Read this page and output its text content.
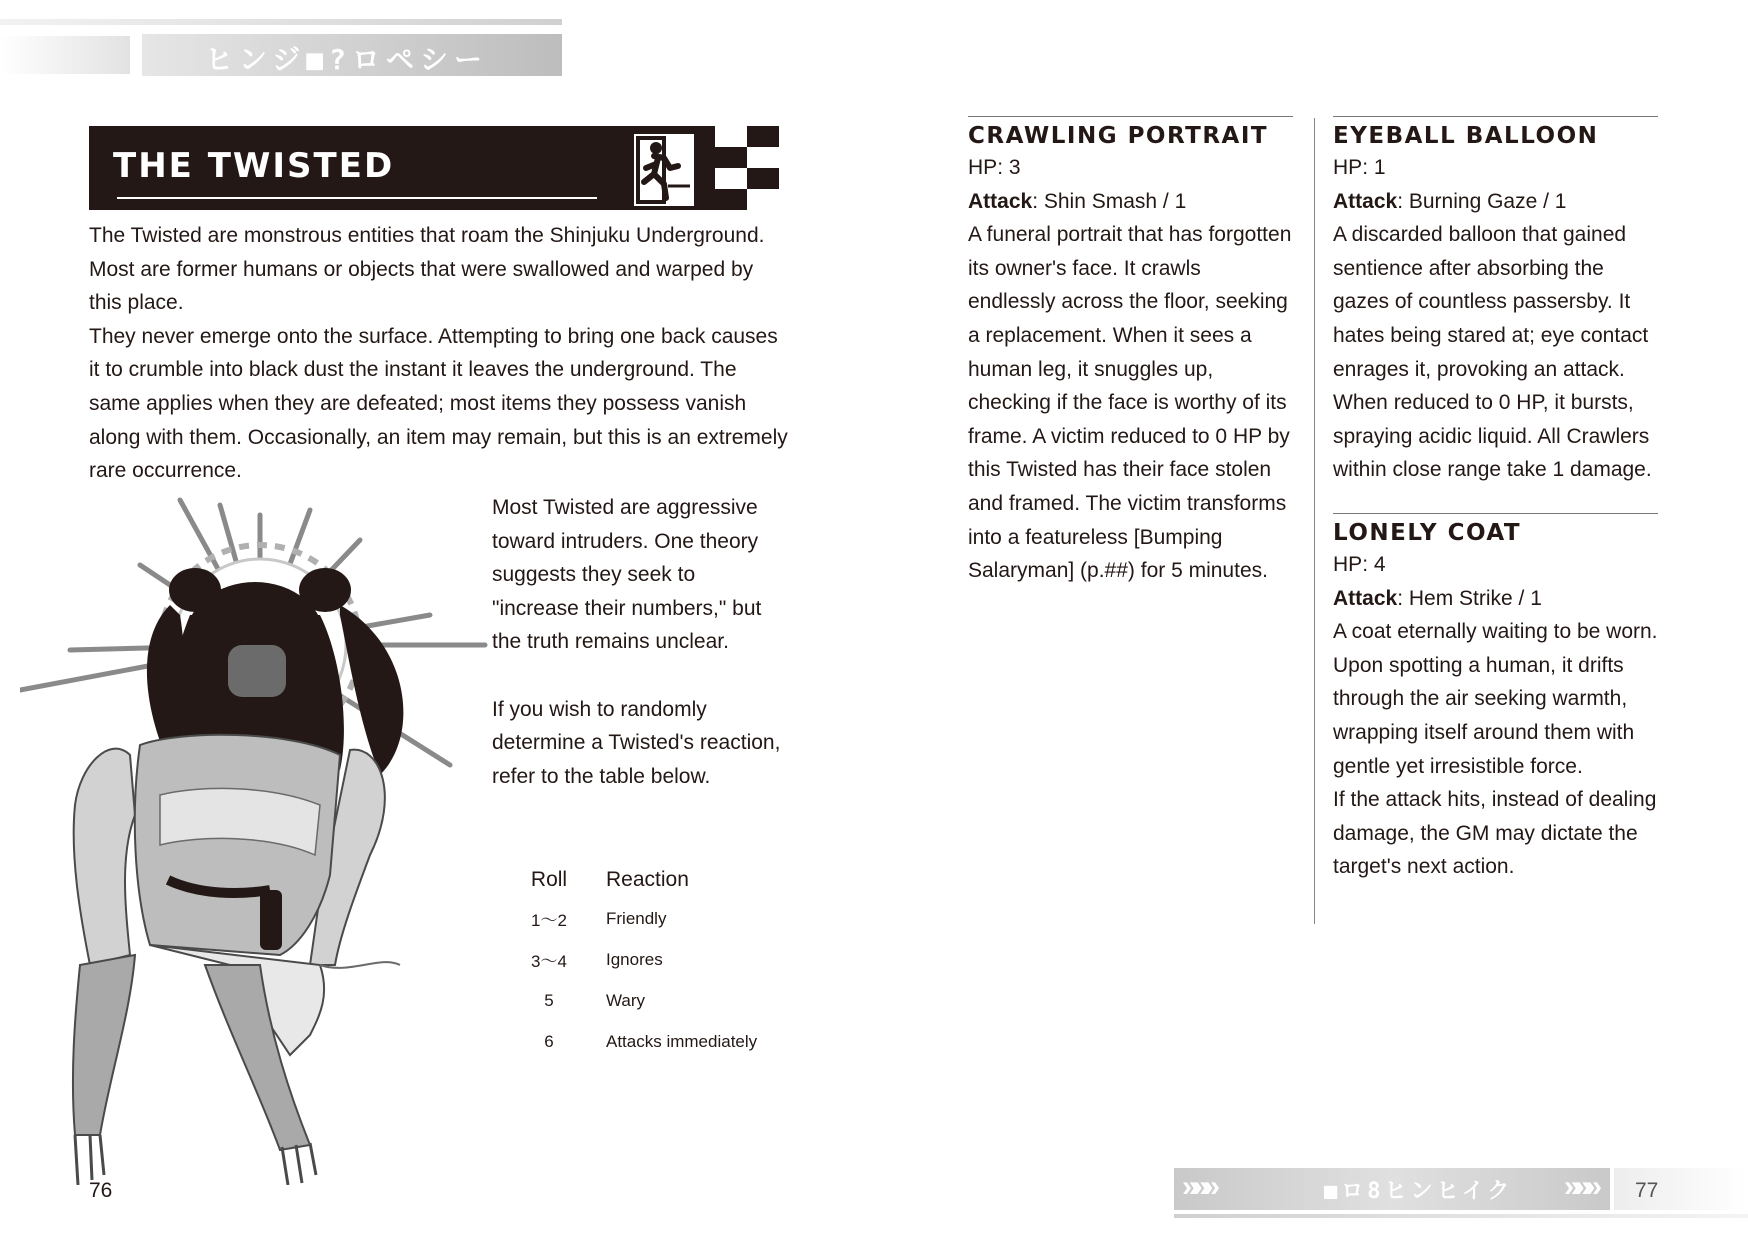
ヒンジ■?ロペシー
THE TWISTED
The Twisted are monstrous entities that roam the Shinjuku Underground. Most are former humans or objects that were swallowed and warped by this place.
They never emerge onto the surface. Attempting to bring one back causes it to crumble into black dust the instant it leaves the underground. The same applies when they are defeated; most items they possess vanish along with them. Occasionally, an item may remain, but this is an extremely rare occurrence.
Most Twisted are aggressive toward intruders. One theory suggests they seek to "increase their numbers," but the truth remains unclear.
If you wish to randomly determine a Twisted's reaction, refer to the table below.
Roll	Reaction
1～2	Friendly
3～4	Ignores
5	Wary
6	Attacks immediately
76
CRAWLING PORTRAIT
HP: 3
Attack: Shin Smash / 1
A funeral portrait that has forgotten its owner's face. It crawls endlessly across the floor, seeking a replacement. When it sees a human leg, it snuggles up, checking if the face is worthy of its frame. A victim reduced to 0 HP by this Twisted has their face stolen and framed. The victim transforms into a featureless [Bumping Salaryman] (p.##) for 5 minutes.
EYEBALL BALLOON
HP: 1
Attack: Burning Gaze / 1
A discarded balloon that gained sentience after absorbing the gazes of countless passersby. It hates being stared at; eye contact enrages it, provoking an attack. When reduced to 0 HP, it bursts, spraying acidic liquid. All Crawlers within close range take 1 damage.
LONELY COAT
HP: 4
Attack: Hem Strike / 1
A coat eternally waiting to be worn. Upon spotting a human, it drifts through the air seeking warmth, wrapping itself around them with gentle yet irresistible force.
If the attack hits, instead of dealing damage, the GM may dictate the target's next action.
»»»	■ロ8ヒンヒイク »»» 77
